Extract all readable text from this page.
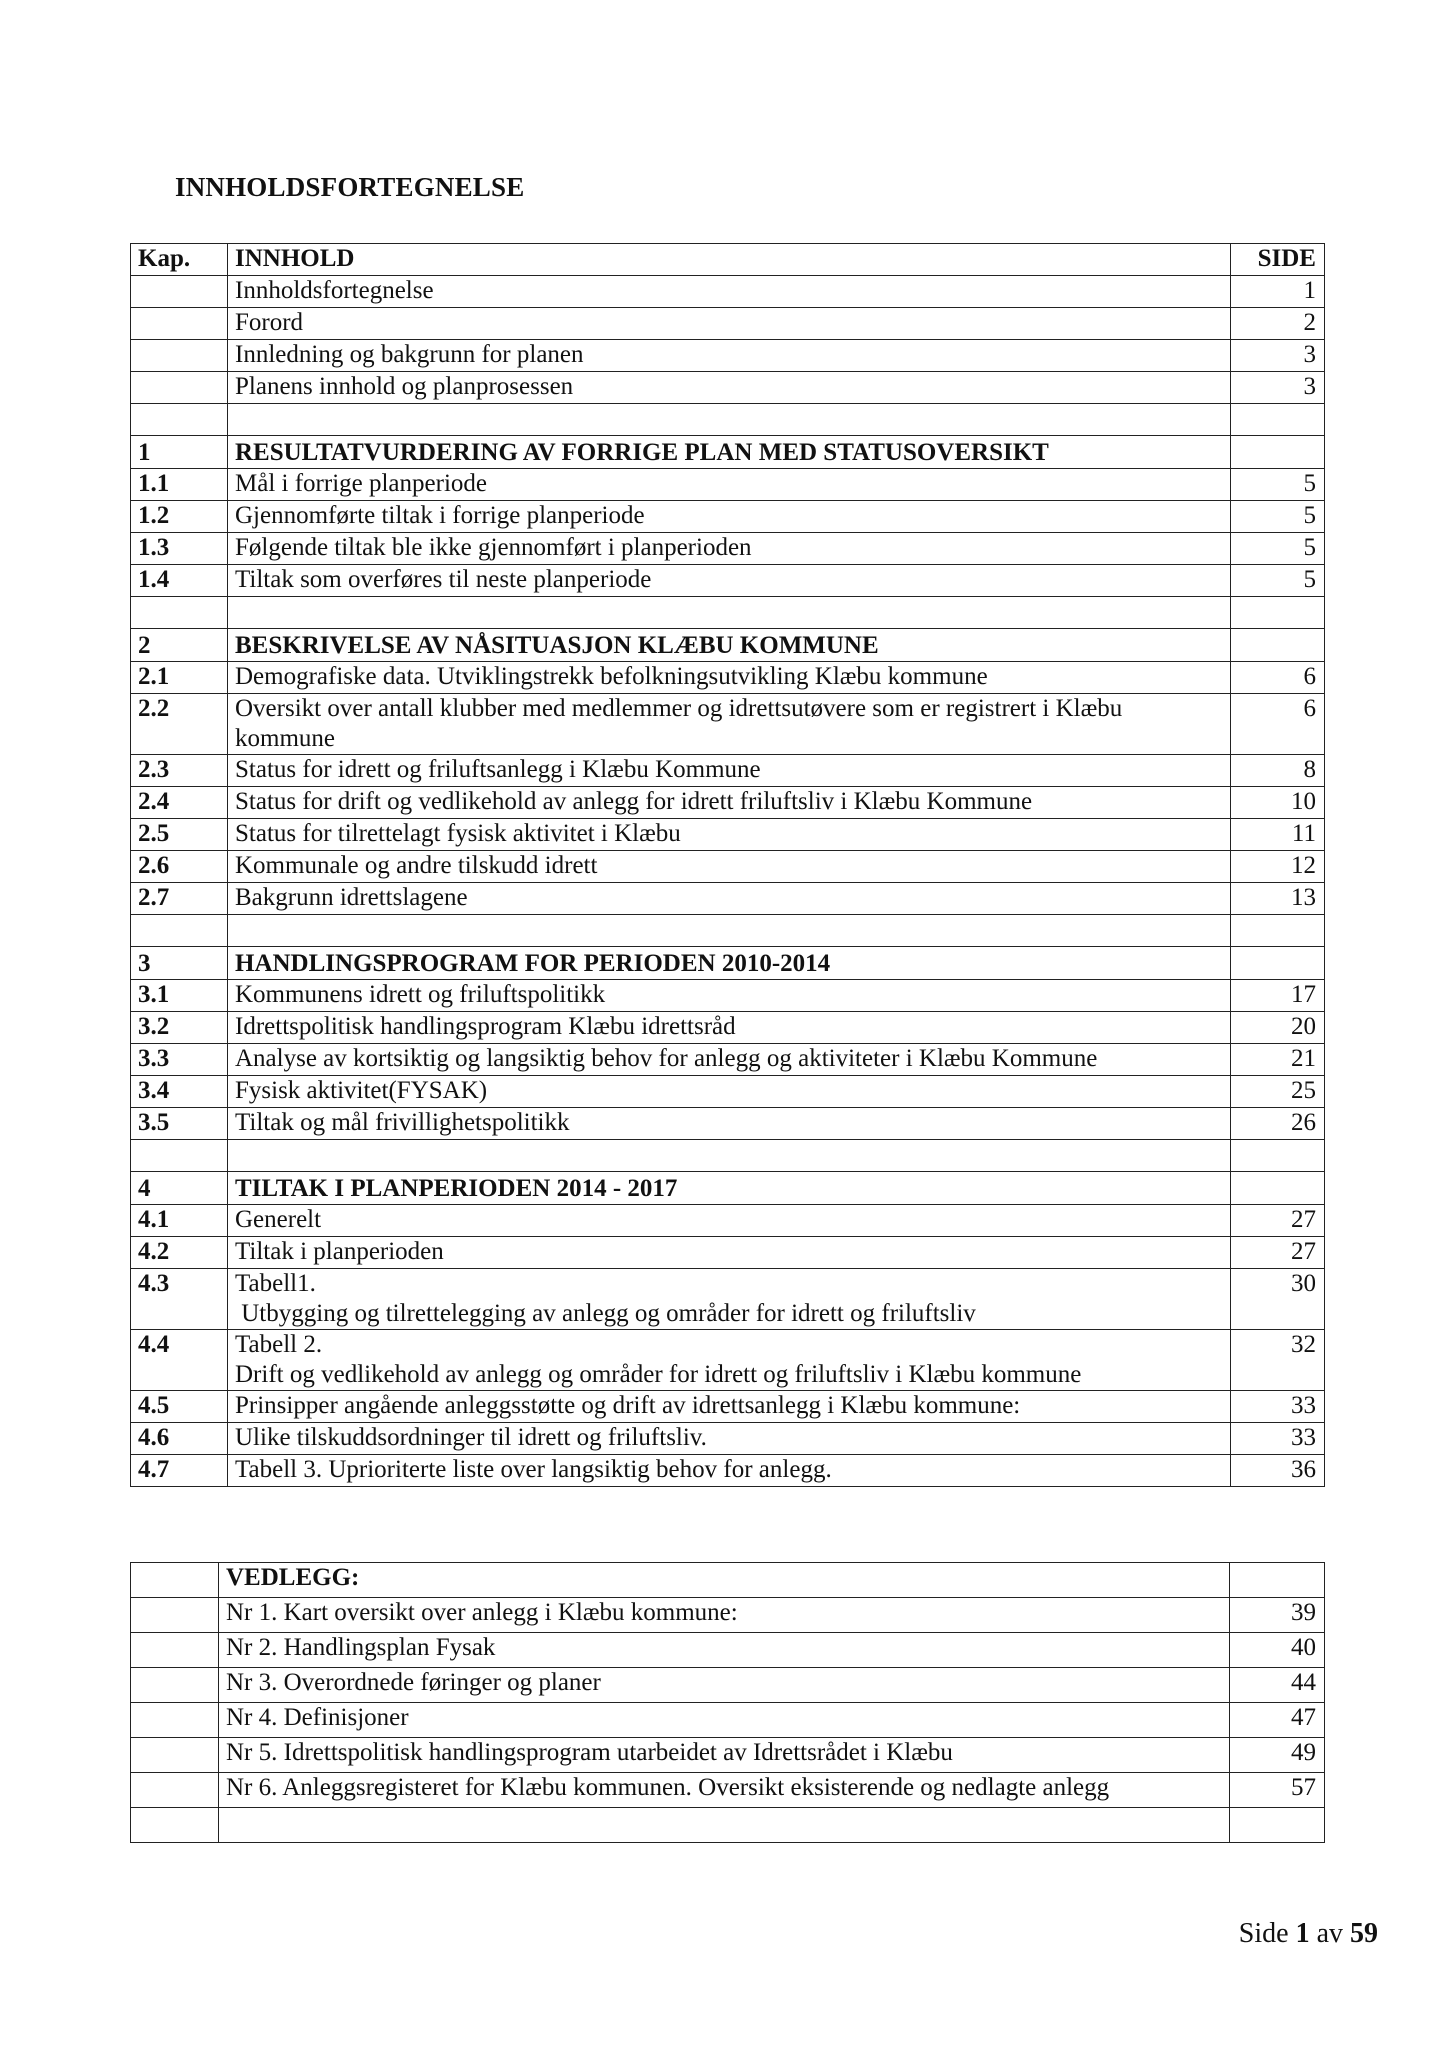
INNHOLDSFORTEGNELSE
Kap.	INNHOLD	SIDE
	Innholdsfortegnelse	1
	Forord	2
	Innledning og bakgrunn for planen	3
	Planens innhold og planprosessen	3

1	RESULTATVURDERING AV FORRIGE PLAN MED STATUSOVERSIKT	
1.1	Mål i forrige planperiode	5
1.2	Gjennomførte tiltak i forrige planperiode	5
1.3	Følgende tiltak ble ikke gjennomført i planperioden	5
1.4	Tiltak som overføres til neste planperiode	5

2	BESKRIVELSE AV NÅSITUASJON KLÆBU KOMMUNE	
2.1	Demografiske data. Utviklingstrekk befolkningsutvikling Klæbu kommune	6
2.2	Oversikt over antall klubber med medlemmer og idrettsutøvere som er registrert i Klæbu
kommune	6
2.3	Status for idrett og friluftsanlegg i Klæbu Kommune	8
2.4	Status for drift og vedlikehold av anlegg for idrett friluftsliv i Klæbu Kommune	10
2.5	Status for tilrettelagt fysisk aktivitet i Klæbu	11
2.6	Kommunale og andre tilskudd idrett	12
2.7	Bakgrunn idrettslagene	13

3	HANDLINGSPROGRAM FOR PERIODEN 2010-2014	
3.1	Kommunens idrett og friluftspolitikk	17
3.2	Idrettspolitisk handlingsprogram Klæbu idrettsråd	20
3.3	Analyse av kortsiktig og langsiktig behov for anlegg og aktiviteter i Klæbu Kommune	21
3.4	Fysisk aktivitet(FYSAK)	25
3.5	Tiltak og mål frivillighetspolitikk	26

4	TILTAK I PLANPERIODEN 2014 - 2017	
4.1	Generelt	27
4.2	Tiltak i planperioden	27
4.3	Tabell1.
Utbygging og tilrettelegging av anlegg og områder for idrett og friluftsliv	30
4.4	Tabell 2.
Drift og vedlikehold av anlegg og områder for idrett og friluftsliv i Klæbu kommune	32
4.5	Prinsipper angående anleggsstøtte og drift av idrettsanlegg i Klæbu kommune:	33
4.6	Ulike tilskuddsordninger til idrett og friluftsliv.	33
4.7	Tabell 3. Uprioriterte liste over langsiktig behov for anlegg.	36
	VEDLEGG:	
	Nr 1. Kart oversikt over anlegg i Klæbu kommune:	39
	Nr 2. Handlingsplan Fysak	40
	Nr 3. Overordnede føringer og planer	44
	Nr 4. Definisjoner	47
	Nr 5. Idrettspolitisk handlingsprogram utarbeidet av Idrettsrådet i Klæbu	49
	Nr 6. Anleggsregisteret for Klæbu kommunen. Oversikt eksisterende og nedlagte anlegg	57

Side 1 av 59
